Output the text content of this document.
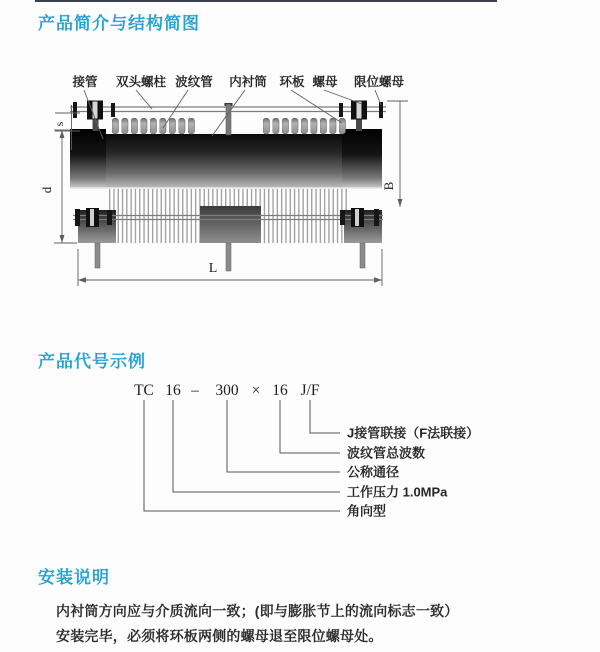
产品简介与结构简图
接管 双头螺柱 波纹管 内衬筒 环板 螺母 限位螺母
s
d	B
L
产品代号示例
TC 16 – 300 × 16 J/F
J接管联接（F法联接）
波纹管总波数
公称通径
工作压力 1.0MPa
角向型
安装说明
内衬筒方向应与介质流向一致；(即与膨胀节上的流向标志一致）
安装完毕，必须将环板两侧的螺母退至限位螺母处。
